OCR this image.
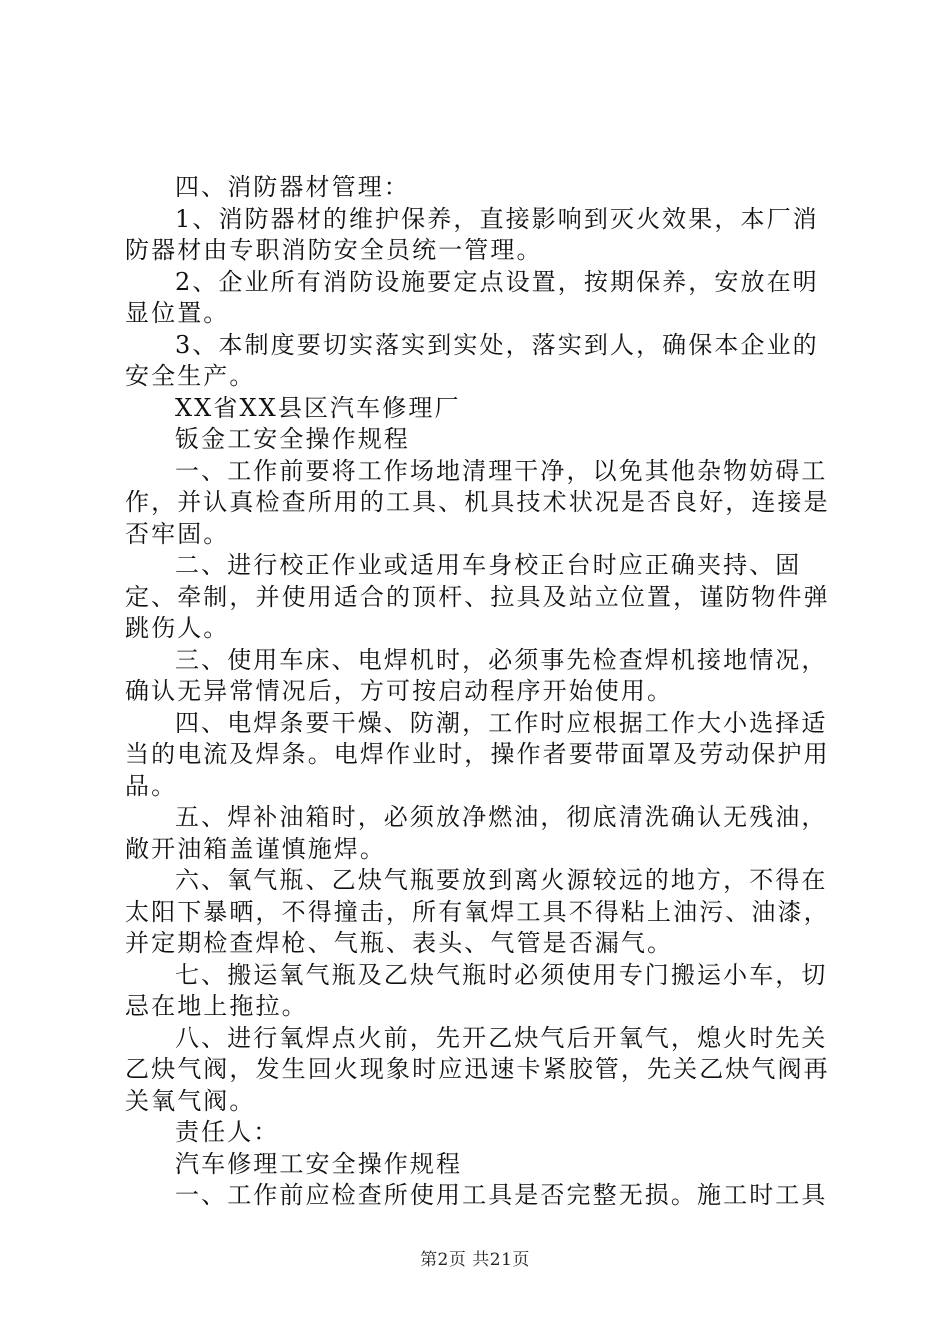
四、消防器材管理：

1、消防器材的维护保养，直接影响到灭火效果，本厂消防器材由专职消防安全员统一管理。

2、企业所有消防设施要定点设置，按期保养，安放在明显位置。

3、本制度要切实落实到实处，落实到人，确保本企业的安全生产。

XX省XX县区汽车修理厂

钣金工安全操作规程

一、工作前要将工作场地清理干净，以免其他杂物妨碍工作，并认真检查所用的工具、机具技术状况是否良好，连接是否牢固。

二、进行校正作业或适用车身校正台时应正确夹持、固定、牵制，并使用适合的顶杆、拉具及站立位置，谨防物件弹跳伤人。

三、使用车床、电焊机时，必须事先检查焊机接地情况，确认无异常情况后，方可按启动程序开始使用。

四、电焊条要干燥、防潮，工作时应根据工作大小选择适当的电流及焊条。电焊作业时，操作者要带面罩及劳动保护用品。

五、焊补油箱时，必须放净燃油，彻底清洗确认无残油，敞开油箱盖谨慎施焊。

六、氧气瓶、乙炔气瓶要放到离火源较远的地方，不得在太阳下暴晒，不得撞击，所有氧焊工具不得粘上油污、油漆，并定期检查焊枪、气瓶、表头、气管是否漏气。

七、搬运氧气瓶及乙炔气瓶时必须使用专门搬运小车，切忌在地上拖拉。

八、进行氧焊点火前，先开乙炔气后开氧气，熄火时先关乙炔气阀，发生回火现象时应迅速卡紧胶管，先关乙炔气阀再关氧气阀。

责任人：

汽车修理工安全操作规程

一、工作前应检查所使用工具是否完整无损。施工时工具

第2页 共21页
